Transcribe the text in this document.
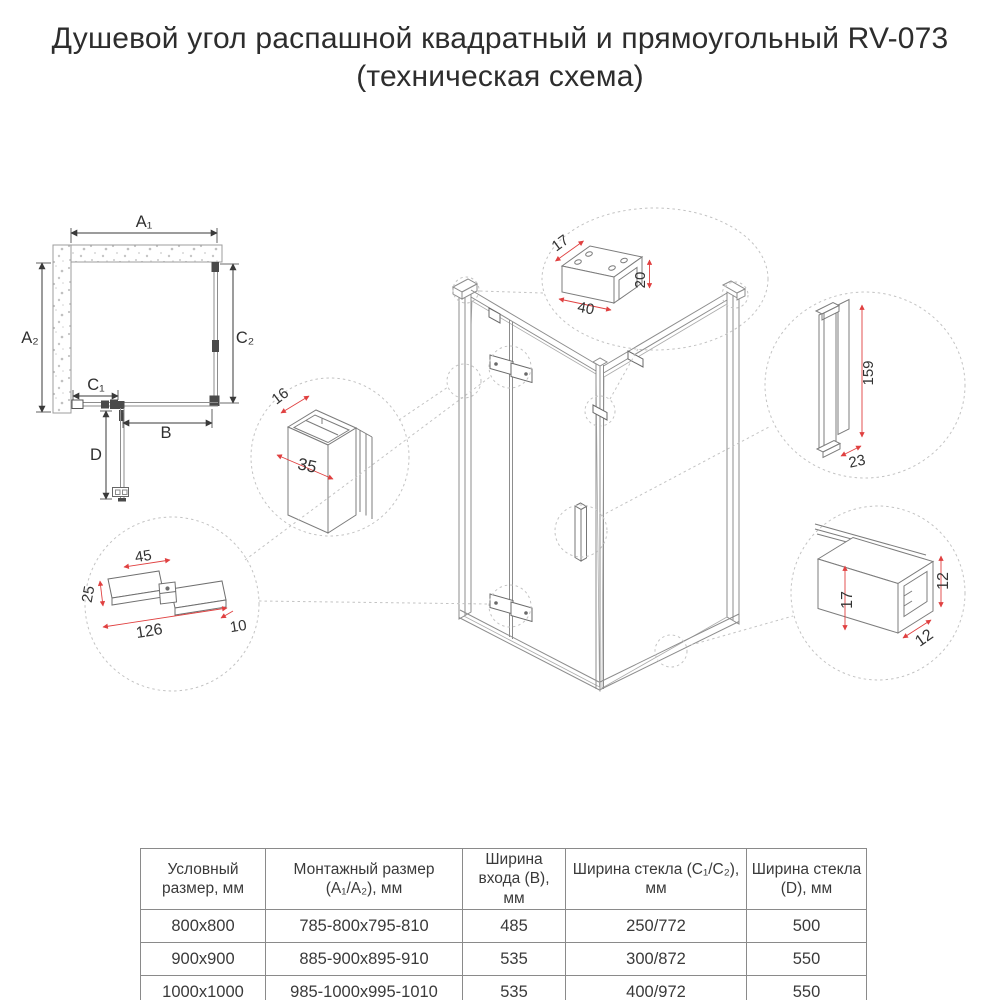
Душевой угол распашной квадратный и прямоугольный RV-073
(техническая схема)
A₁
A₂	C₂
C₁
B
D
17
40
20
16
35
45
25
126	10
159
23
17
12
12
Условный размер, мм	Монтажный размер (A₁/A₂), мм	Ширина входа (B), мм	Ширина стекла (C₁/C₂), мм	Ширина стекла (D), мм
800x800	785-800x795-810	485	250/772	500
900x900	885-900x895-910	535	300/872	550
1000x1000	985-1000x995-1010	535	400/972	550
